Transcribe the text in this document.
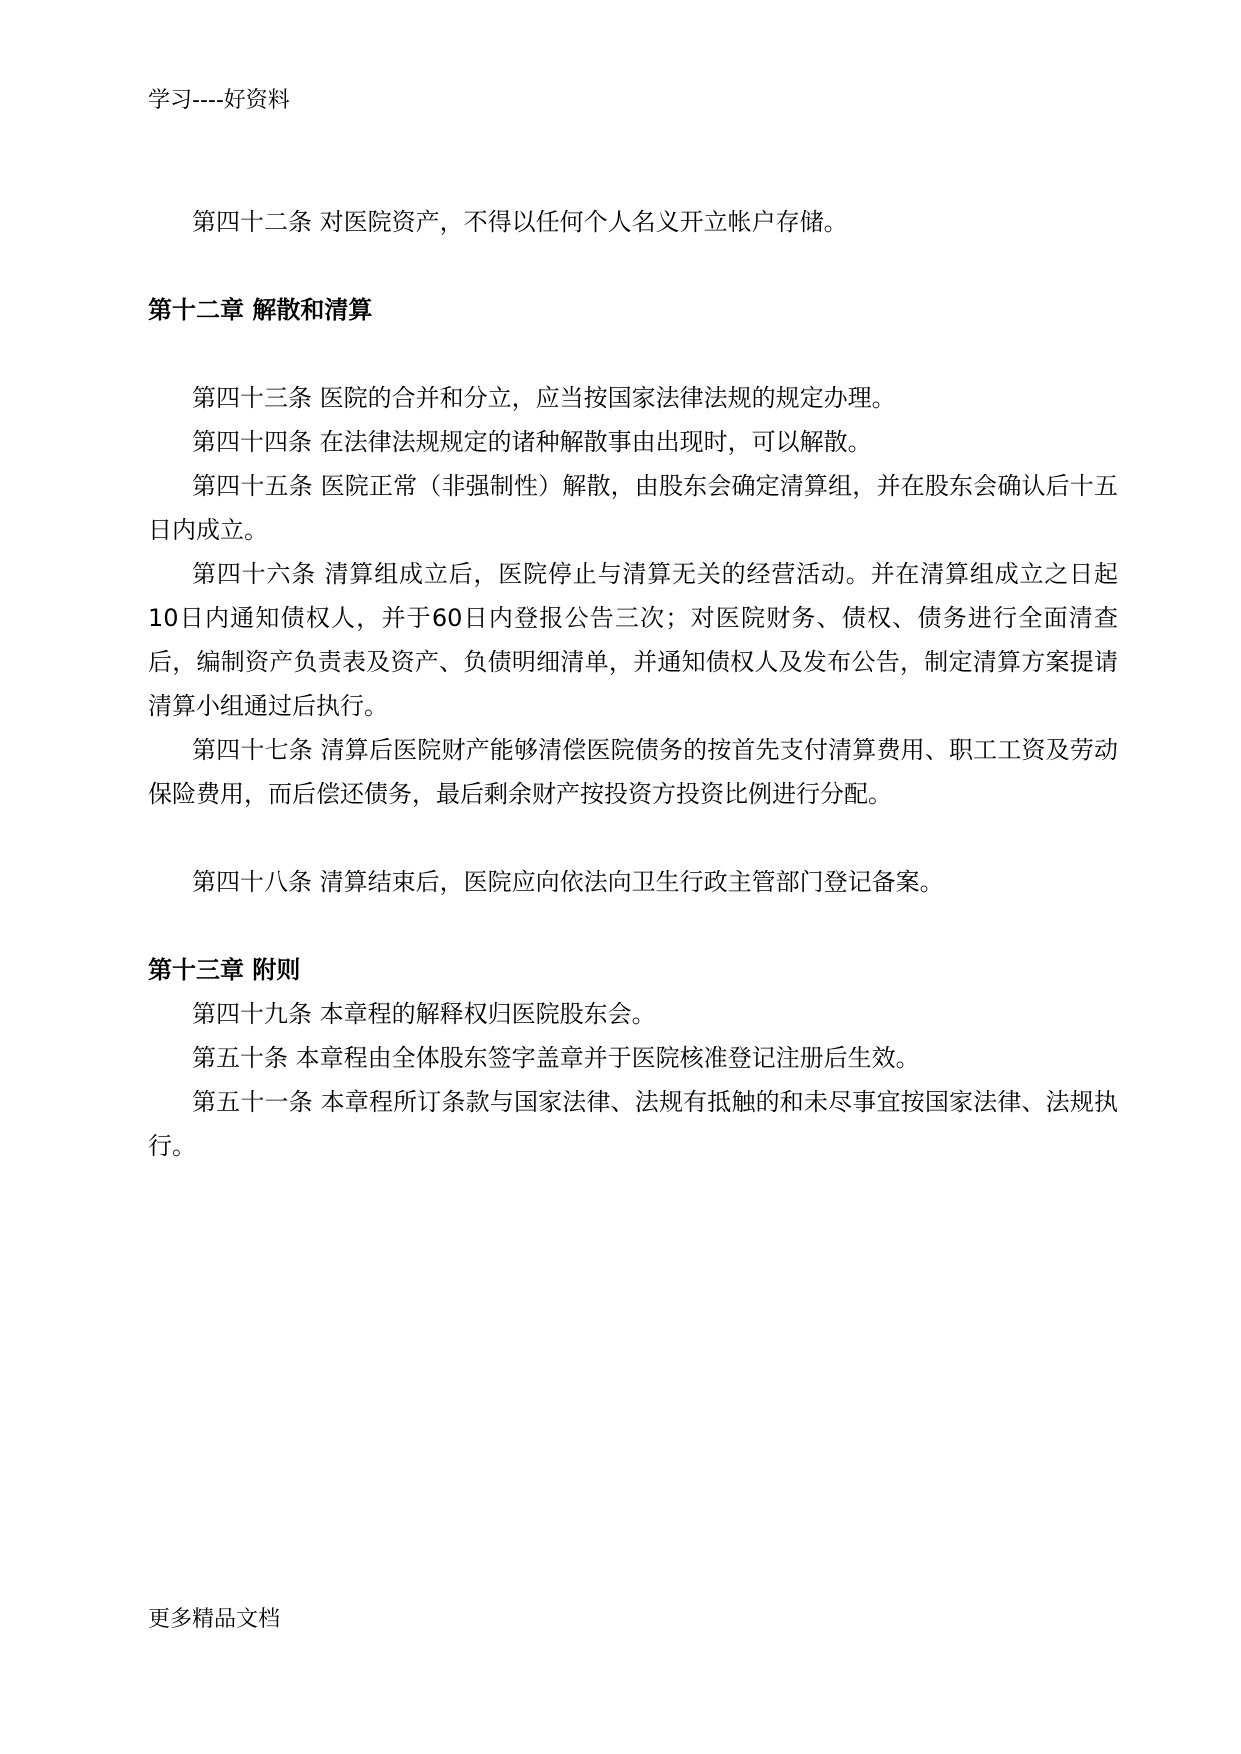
学习----好资料

第四十二条 对医院资产，不得以任何个人名义开立帐户存储。

第十二章 解散和清算

第四十三条 医院的合并和分立，应当按国家法律法规的规定办理。

第四十四条 在法律法规规定的诸种解散事由出现时，可以解散。

第四十五条 医院正常（非强制性）解散，由股东会确定清算组，并在股东会确认后十五日内成立。

第四十六条 清算组成立后，医院停止与清算无关的经营活动。并在清算组成立之日起10日内通知债权人，并于60日内登报公告三次；对医院财务、债权、债务进行全面清查后，编制资产负责表及资产、负债明细清单，并通知债权人及发布公告，制定清算方案提请清算小组通过后执行。

第四十七条 清算后医院财产能够清偿医院债务的按首先支付清算费用、职工工资及劳动保险费用，而后偿还债务，最后剩余财产按投资方投资比例进行分配。

第四十八条 清算结束后，医院应向依法向卫生行政主管部门登记备案。

第十三章 附则

第四十九条 本章程的解释权归医院股东会。

第五十条 本章程由全体股东签字盖章并于医院核准登记注册后生效。

第五十一条 本章程所订条款与国家法律、法规有抵触的和未尽事宜按国家法律、法规执行。

更多精品文档
